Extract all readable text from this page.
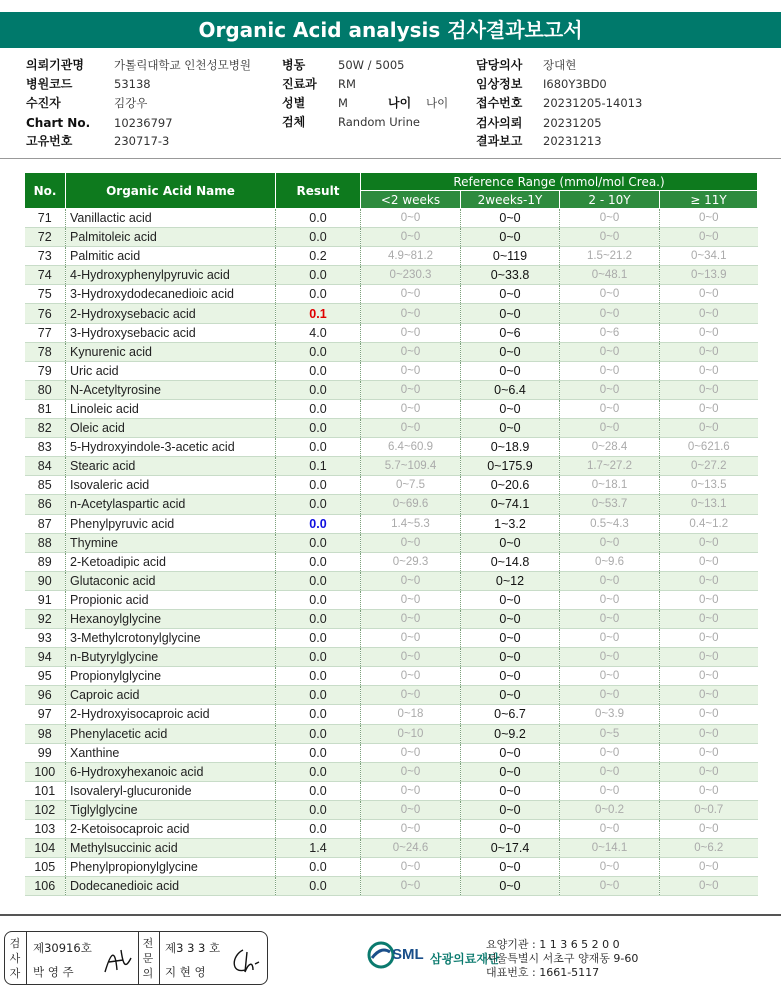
Organic Acid analysis 검사결과보고서
의뢰기관명	가톨릭대학교 인천성모병원
병원코드	53138
수진자	김강우
Chart No. 10236797
고유번호	230717-3
병동	50W / 5005
진료과 RM
성별	M	나이 나이
검체	Random Urine
담당의사 장대현
임상정보 I680Y3BD0
접수번호 20231205-14013
검사의뢰 20231205
결과보고 20231213
No.	Organic Acid Name	Result	Reference Range (mmol/mol Crea.)			
			<2 weeks	2weeks-1Y	2 - 10Y	≥ 11Y
71	Vanillactic acid	0.0	0~0	0~0	0~0	0~0
72	Palmitoleic acid	0.0	0~0	0~0	0~0	0~0
73	Palmitic acid	0.2	4.9~81.2	0~119	1.5~21.2	0~34.1
74	4-Hydroxyphenylpyruvic acid	0.0	0~230.3	0~33.8	0~48.1	0~13.9
75	3-Hydroxydodecanedioic acid	0.0	0~0	0~0	0~0	0~0
76	2-Hydroxysebacic acid	0.1	0~0	0~0	0~0	0~0
77	3-Hydroxysebacic acid	4.0	0~0	0~6	0~6	0~0
78	Kynurenic acid	0.0	0~0	0~0	0~0	0~0
79	Uric acid	0.0	0~0	0~0	0~0	0~0
80	N-Acetyltyrosine	0.0	0~0	0~6.4	0~0	0~0
81	Linoleic acid	0.0	0~0	0~0	0~0	0~0
82	Oleic acid	0.0	0~0	0~0	0~0	0~0
83	5-Hydroxyindole-3-acetic acid	0.0	6.4~60.9	0~18.9	0~28.4	0~621.6
84	Stearic acid	0.1	5.7~109.4	0~175.9	1.7~27.2	0~27.2
85	Isovaleric acid	0.0	0~7.5	0~20.6	0~18.1	0~13.5
86	n-Acetylaspartic acid	0.0	0~69.6	0~74.1	0~53.7	0~13.1
87	Phenylpyruvic acid	0.0	1.4~5.3	1~3.2	0.5~4.3	0.4~1.2
88	Thymine	0.0	0~0	0~0	0~0	0~0
89	2-Ketoadipic acid	0.0	0~29.3	0~14.8	0~9.6	0~0
90	Glutaconic acid	0.0	0~0	0~12	0~0	0~0
91	Propionic acid	0.0	0~0	0~0	0~0	0~0
92	Hexanoylglycine	0.0	0~0	0~0	0~0	0~0
93	3-Methylcrotonylglycine	0.0	0~0	0~0	0~0	0~0
94	n-Butyrylglycine	0.0	0~0	0~0	0~0	0~0
95	Propionylglycine	0.0	0~0	0~0	0~0	0~0
96	Caproic acid	0.0	0~0	0~0	0~0	0~0
97	2-Hydroxyisocaproic acid	0.0	0~18	0~6.7	0~3.9	0~0
98	Phenylacetic acid	0.0	0~10	0~9.2	0~5	0~0
99	Xanthine	0.0	0~0	0~0	0~0	0~0
100	6-Hydroxyhexanoic acid	0.0	0~0	0~0	0~0	0~0
101	Isovaleryl-glucuronide	0.0	0~0	0~0	0~0	0~0
102	Tiglylglycine	0.0	0~0	0~0	0~0.2	0~0.7
103	2-Ketoisocaproic acid	0.0	0~0	0~0	0~0	0~0
104	Methylsuccinic acid	1.4	0~24.6	0~17.4	0~14.1	0~6.2
105	Phenylpropionylglycine	0.0	0~0	0~0	0~0	0~0
106	Dodecanedioic acid	0.0	0~0	0~0	0~0	0~0
검사자
제30916호
박 영 주
전문의
제3 3 3 호
지 현 영
SML 삼광의료재단
요양기관 : 1 1 3 6 5 2 0 0
서울특별시 서초구 양재동 9-60
대표번호 : 1661-5117
